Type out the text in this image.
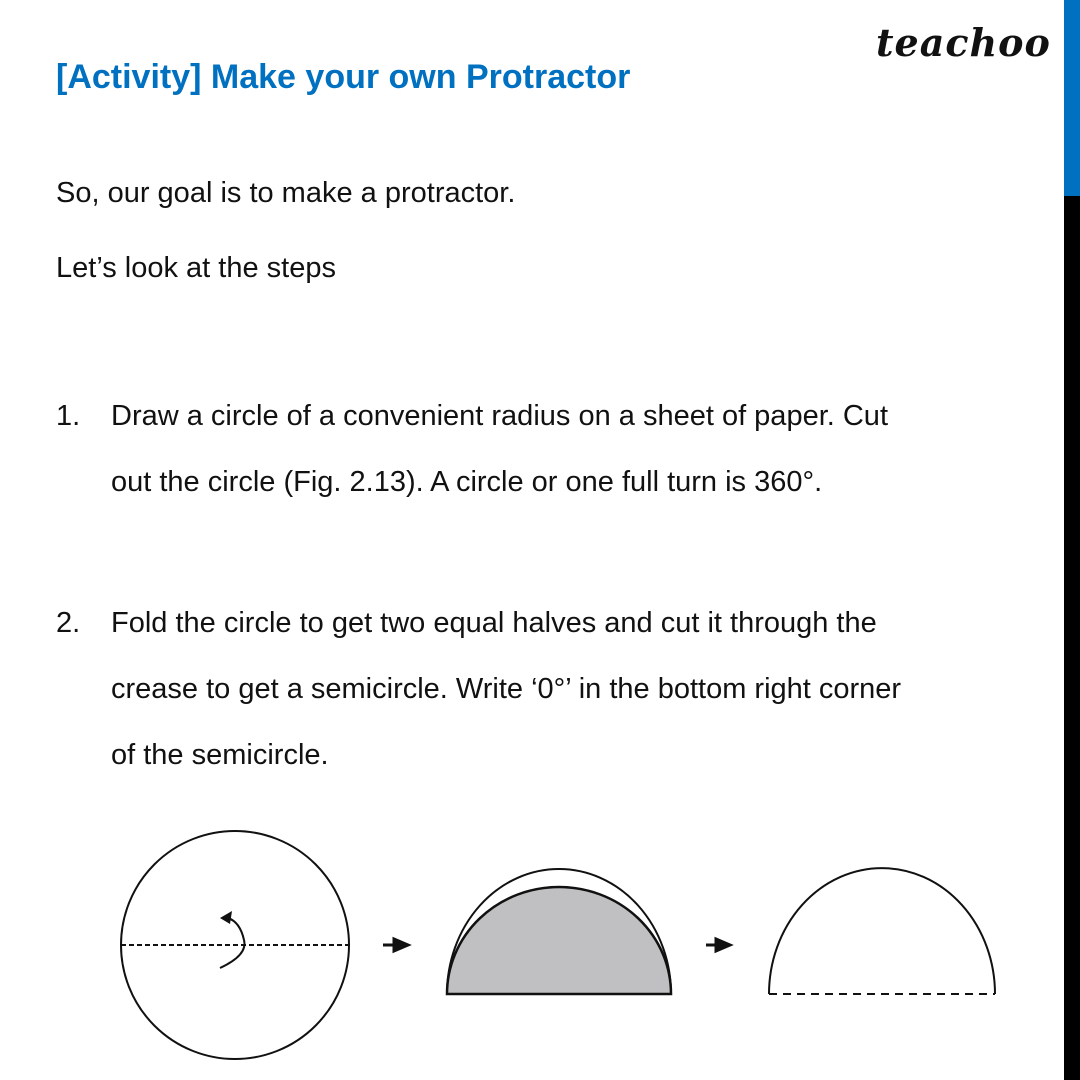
[Activity] Make your own Protractor
teachoo
So, our goal is to make a protractor.
Let’s look at the steps
1. Draw a circle of a convenient radius on a sheet of paper. Cut
out the circle (Fig. 2.13). A circle or one full turn is 360°.
2. Fold the circle to get two equal halves and cut it through the
crease to get a semicircle. Write ‘0°’ in the bottom right corner
of the semicircle.
